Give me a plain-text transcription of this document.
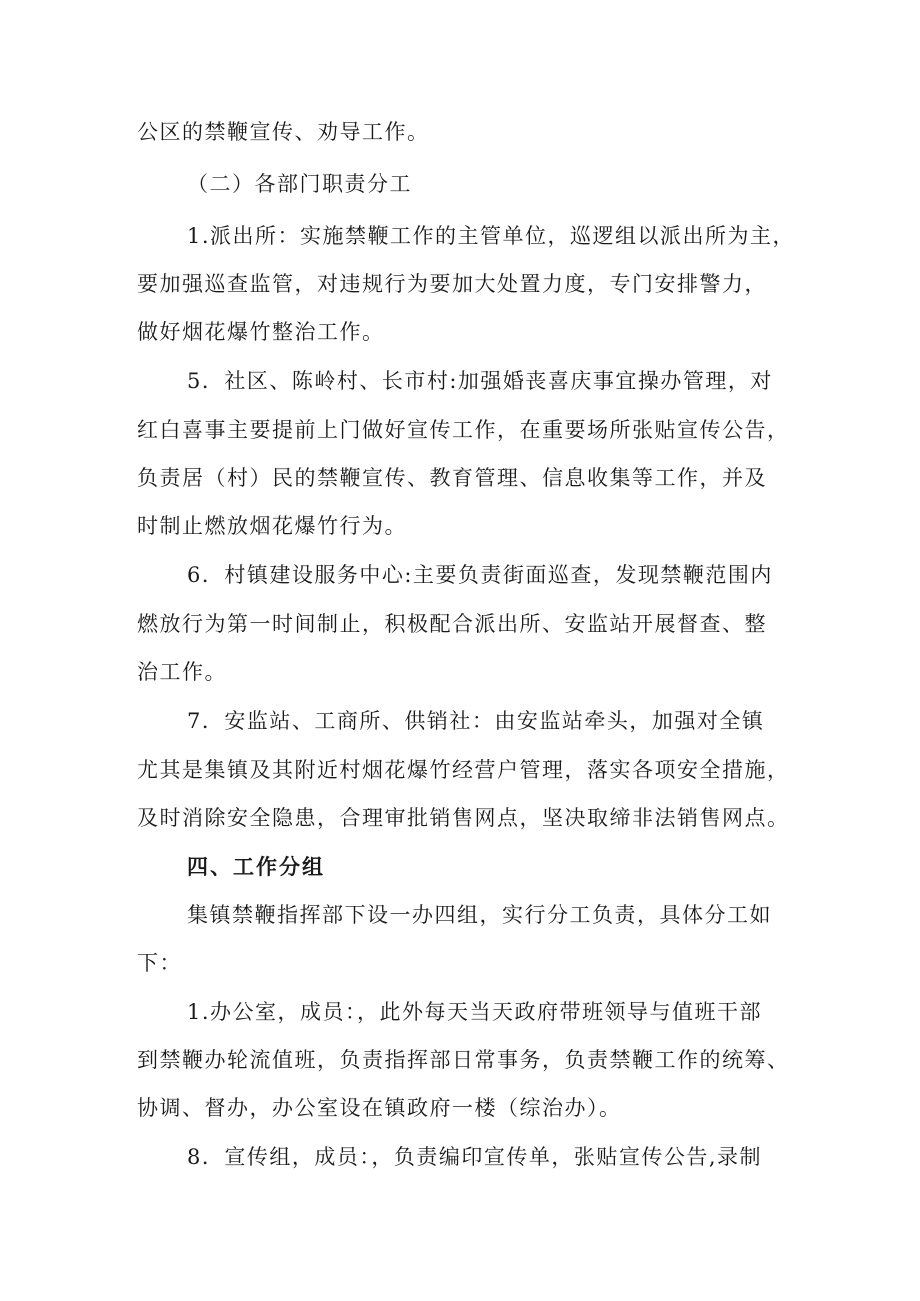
公区的禁鞭宣传、劝导工作。
（二）各部门职责分工
1.派出所：实施禁鞭工作的主管单位，巡逻组以派出所为主，
要加强巡查监管，对违规行为要加大处置力度，专门安排警力，
做好烟花爆竹整治工作。
5．社区、陈岭村、长市村:加强婚丧喜庆事宜操办管理，对
红白喜事主要提前上门做好宣传工作，在重要场所张贴宣传公告，
负责居（村）民的禁鞭宣传、教育管理、信息收集等工作，并及
时制止燃放烟花爆竹行为。
6．村镇建设服务中心:主要负责街面巡查，发现禁鞭范围内
燃放行为第一时间制止，积极配合派出所、安监站开展督查、整
治工作。
7．安监站、工商所、供销社：由安监站牵头，加强对全镇
尤其是集镇及其附近村烟花爆竹经营户管理，落实各项安全措施，
及时消除安全隐患，合理审批销售网点，坚决取缔非法销售网点。
四、工作分组
集镇禁鞭指挥部下设一办四组，实行分工负责，具体分工如
下：
1.办公室，成员：，此外每天当天政府带班领导与值班干部
到禁鞭办轮流值班，负责指挥部日常事务，负责禁鞭工作的统筹、
协调、督办，办公室设在镇政府一楼（综治办）。
8．宣传组，成员：，负责编印宣传单，张贴宣传公告,录制
